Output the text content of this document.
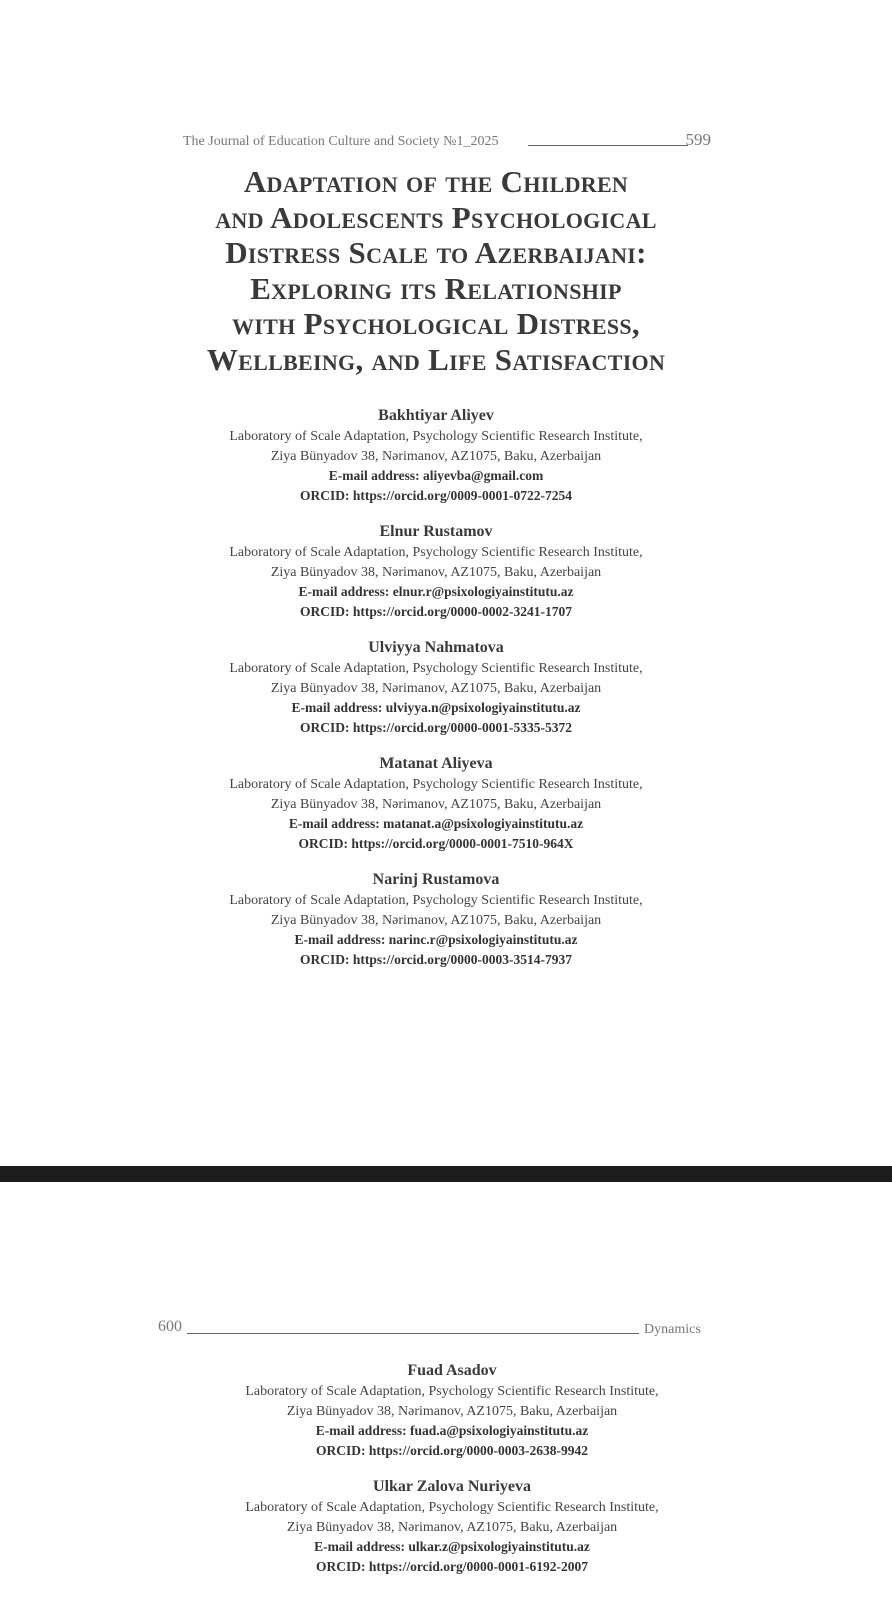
The Journal of Education Culture and Society №1_2025	599
Adaptation of the Children
and Adolescents Psychological
Distress Scale to Azerbaijani:
Exploring its Relationship
with Psychological Distress,
Wellbeing, and Life Satisfaction
Bakhtiyar Aliyev
Laboratory of Scale Adaptation, Psychology Scientific Research Institute,
Ziya Bünyadov 38, Nərimanov, AZ1075, Baku, Azerbaijan
E-mail address: aliyevba@gmail.com
ORCID: https://orcid.org/0009-0001-0722-7254
Elnur Rustamov
Laboratory of Scale Adaptation, Psychology Scientific Research Institute,
Ziya Bünyadov 38, Nərimanov, AZ1075, Baku, Azerbaijan
E-mail address: elnur.r@psixologiyainstitutu.az
ORCID: https://orcid.org/0000-0002-3241-1707
Ulviyya Nahmatova
Laboratory of Scale Adaptation, Psychology Scientific Research Institute,
Ziya Bünyadov 38, Nərimanov, AZ1075, Baku, Azerbaijan
E-mail address: ulviyya.n@psixologiyainstitutu.az
ORCID: https://orcid.org/0000-0001-5335-5372
Matanat Aliyeva
Laboratory of Scale Adaptation, Psychology Scientific Research Institute,
Ziya Bünyadov 38, Nərimanov, AZ1075, Baku, Azerbaijan
E-mail address: matanat.a@psixologiyainstitutu.az
ORCID: https://orcid.org/0000-0001-7510-964X
Narinj Rustamova
Laboratory of Scale Adaptation, Psychology Scientific Research Institute,
Ziya Bünyadov 38, Nərimanov, AZ1075, Baku, Azerbaijan
E-mail address: narinc.r@psixologiyainstitutu.az
ORCID: https://orcid.org/0000-0003-3514-7937
600	Dynamics
Fuad Asadov
Laboratory of Scale Adaptation, Psychology Scientific Research Institute,
Ziya Bünyadov 38, Nərimanov, AZ1075, Baku, Azerbaijan
E-mail address: fuad.a@psixologiyainstitutu.az
ORCID: https://orcid.org/0000-0003-2638-9942
Ulkar Zalova Nuriyeva
Laboratory of Scale Adaptation, Psychology Scientific Research Institute,
Ziya Bünyadov 38, Nərimanov, AZ1075, Baku, Azerbaijan
E-mail address: ulkar.z@psixologiyainstitutu.az
ORCID: https://orcid.org/0000-0001-6192-2007
